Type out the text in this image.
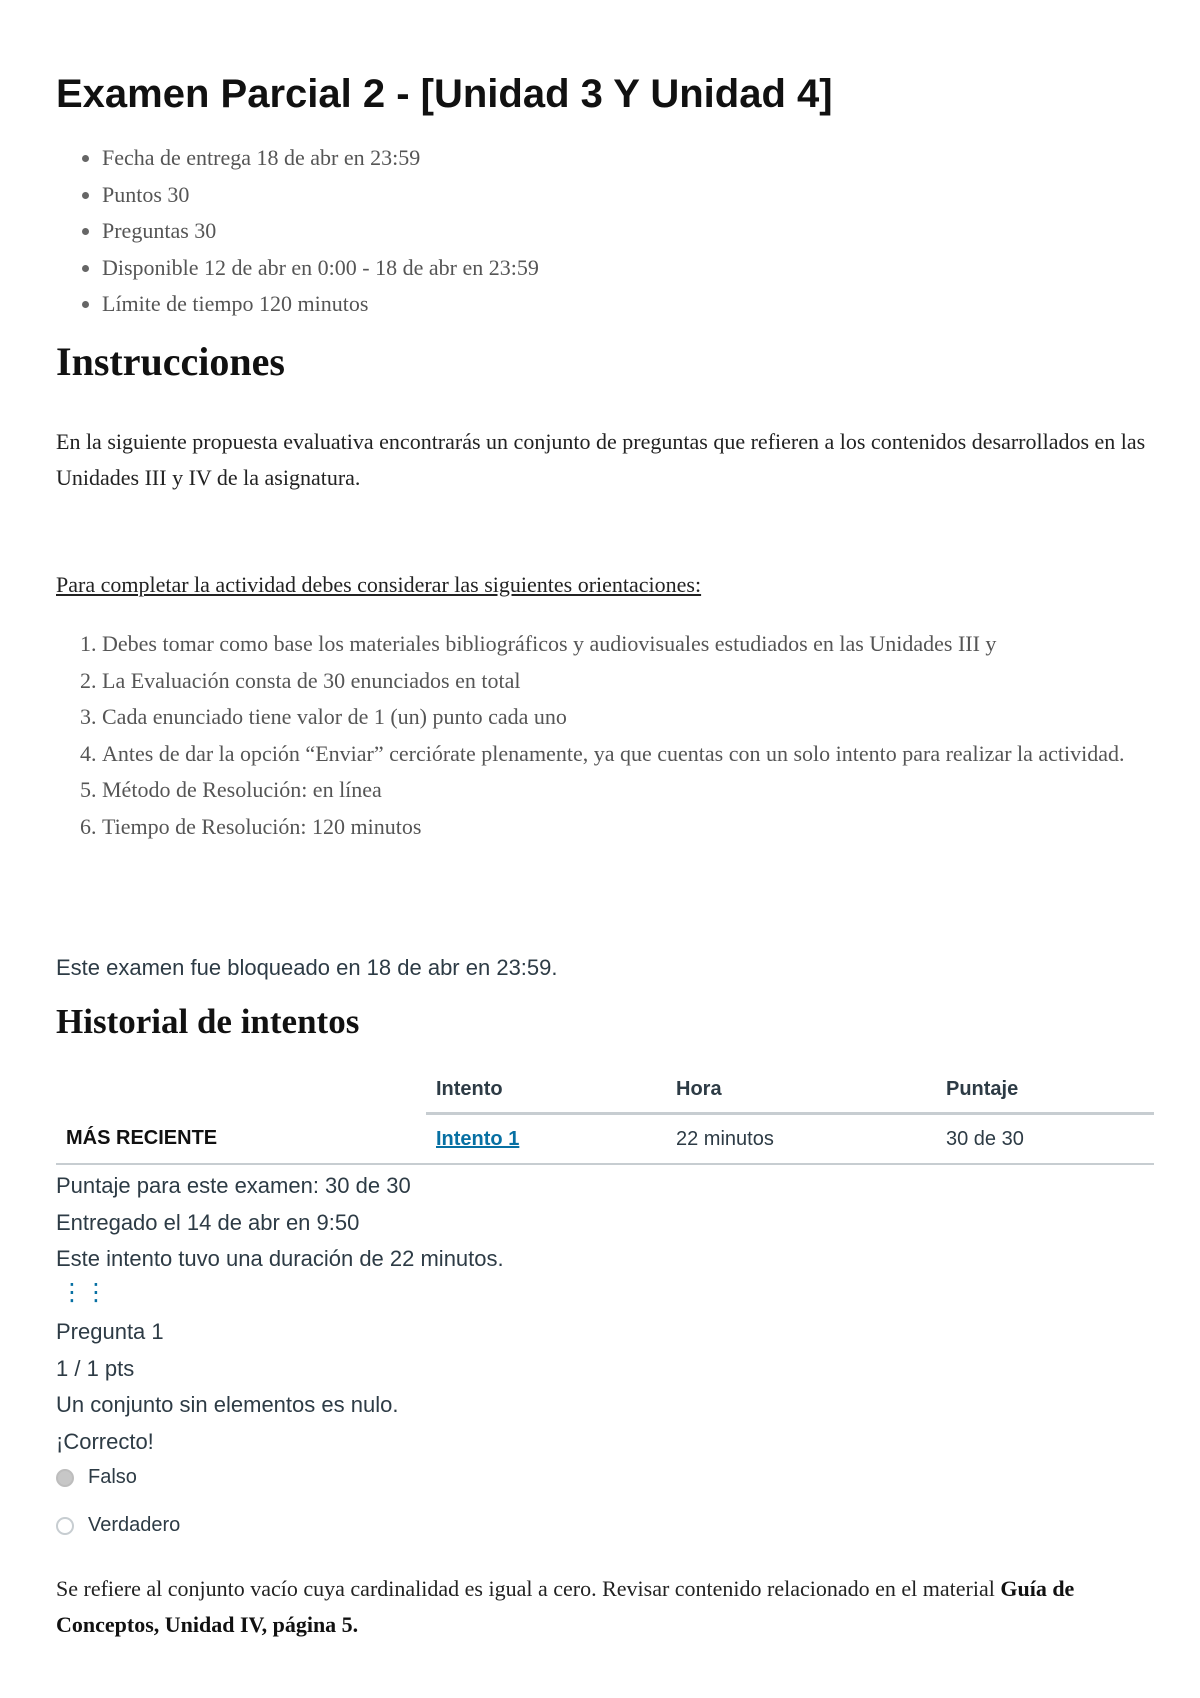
Examen Parcial 2 - [Unidad 3 Y Unidad 4]
• Fecha de entrega 18 de abr en 23:59
• Puntos 30
• Preguntas 30
• Disponible 12 de abr en 0:00 - 18 de abr en 23:59
• Límite de tiempo 120 minutos
Instrucciones

En la siguiente propuesta evaluativa encontrarás un conjunto de preguntas que refieren a los contenidos desarrollados en las Unidades III y IV de la asignatura.

Para completar la actividad debes considerar las siguientes orientaciones:

1. Debes tomar como base los materiales bibliográficos y audiovisuales estudiados en las Unidades III y
2. La Evaluación consta de 30 enunciados en total
3. Cada enunciado tiene valor de 1 (un) punto cada uno
4. Antes de dar la opción “Enviar” cerciórate plenamente, ya que cuentas con un solo intento para realizar la actividad.
5. Método de Resolución: en línea
6. Tiempo de Resolución: 120 minutos

Este examen fue bloqueado en 18 de abr en 23:59.

Historial de intentos
	Intento	Hora	Puntaje
MÁS RECIENTE	Intento 1	22 minutos	30 de 30
Puntaje para este examen: 30 de 30
Entregado el 14 de abr en 9:50
Este intento tuvo una duración de 22 minutos.
⋮⋮
Pregunta 1
1 / 1 pts
Un conjunto sin elementos es nulo.
¡Correcto!
Falso
Verdadero

Se refiere al conjunto vacío cuya cardinalidad es igual a cero. Revisar contenido relacionado en el material Guía de Conceptos, Unidad IV, página 5.
